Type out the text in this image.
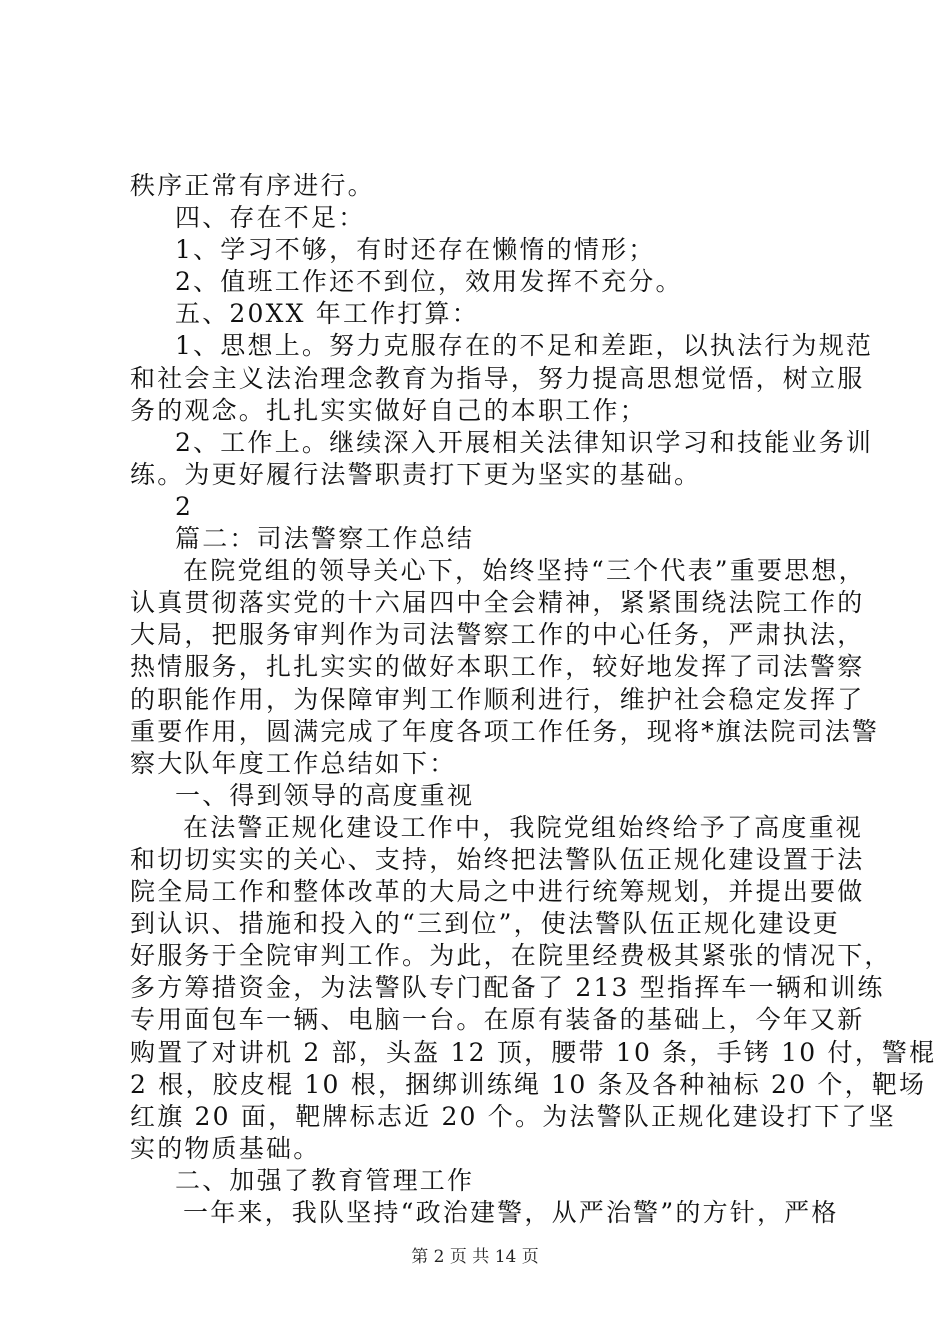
秩序正常有序进行。
四、存在不足：
1、学习不够，有时还存在懒惰的情形；
2、值班工作还不到位，效用发挥不充分。
五、20XX 年工作打算：
1、思想上。努力克服存在的不足和差距，以执法行为规范
和社会主义法治理念教育为指导，努力提高思想觉悟，树立服
务的观念。扎扎实实做好自己的本职工作；
2、工作上。继续深入开展相关法律知识学习和技能业务训
练。为更好履行法警职责打下更为坚实的基础。
2
篇二：司法警察工作总结
在院党组的领导关心下，始终坚持“三个代表”重要思想，
认真贯彻落实党的十六届四中全会精神，紧紧围绕法院工作的
大局，把服务审判作为司法警察工作的中心任务，严肃执法，
热情服务，扎扎实实的做好本职工作，较好地发挥了司法警察
的职能作用，为保障审判工作顺利进行，维护社会稳定发挥了
重要作用，圆满完成了年度各项工作任务，现将*旗法院司法警
察大队年度工作总结如下：
一、得到领导的高度重视
在法警正规化建设工作中，我院党组始终给予了高度重视
和切切实实的关心、支持，始终把法警队伍正规化建设置于法
院全局工作和整体改革的大局之中进行统筹规划，并提出要做
到认识、措施和投入的“三到位”，使法警队伍正规化建设更
好服务于全院审判工作。为此，在院里经费极其紧张的情况下，
多方筹措资金，为法警队专门配备了 213 型指挥车一辆和训练
专用面包车一辆、电脑一台。在原有装备的基础上，今年又新
购置了对讲机 2 部，头盔 12 顶，腰带 10 条，手铐 10 付，警棍
2 根，胶皮棍 10 根，捆绑训练绳 10 条及各种袖标 20 个，靶场
红旗 20 面，靶牌标志近 20 个。为法警队正规化建设打下了坚
实的物质基础。
二、加强了教育管理工作
一年来，我队坚持“政治建警，从严治警”的方针，严格
第 2 页 共 14 页
